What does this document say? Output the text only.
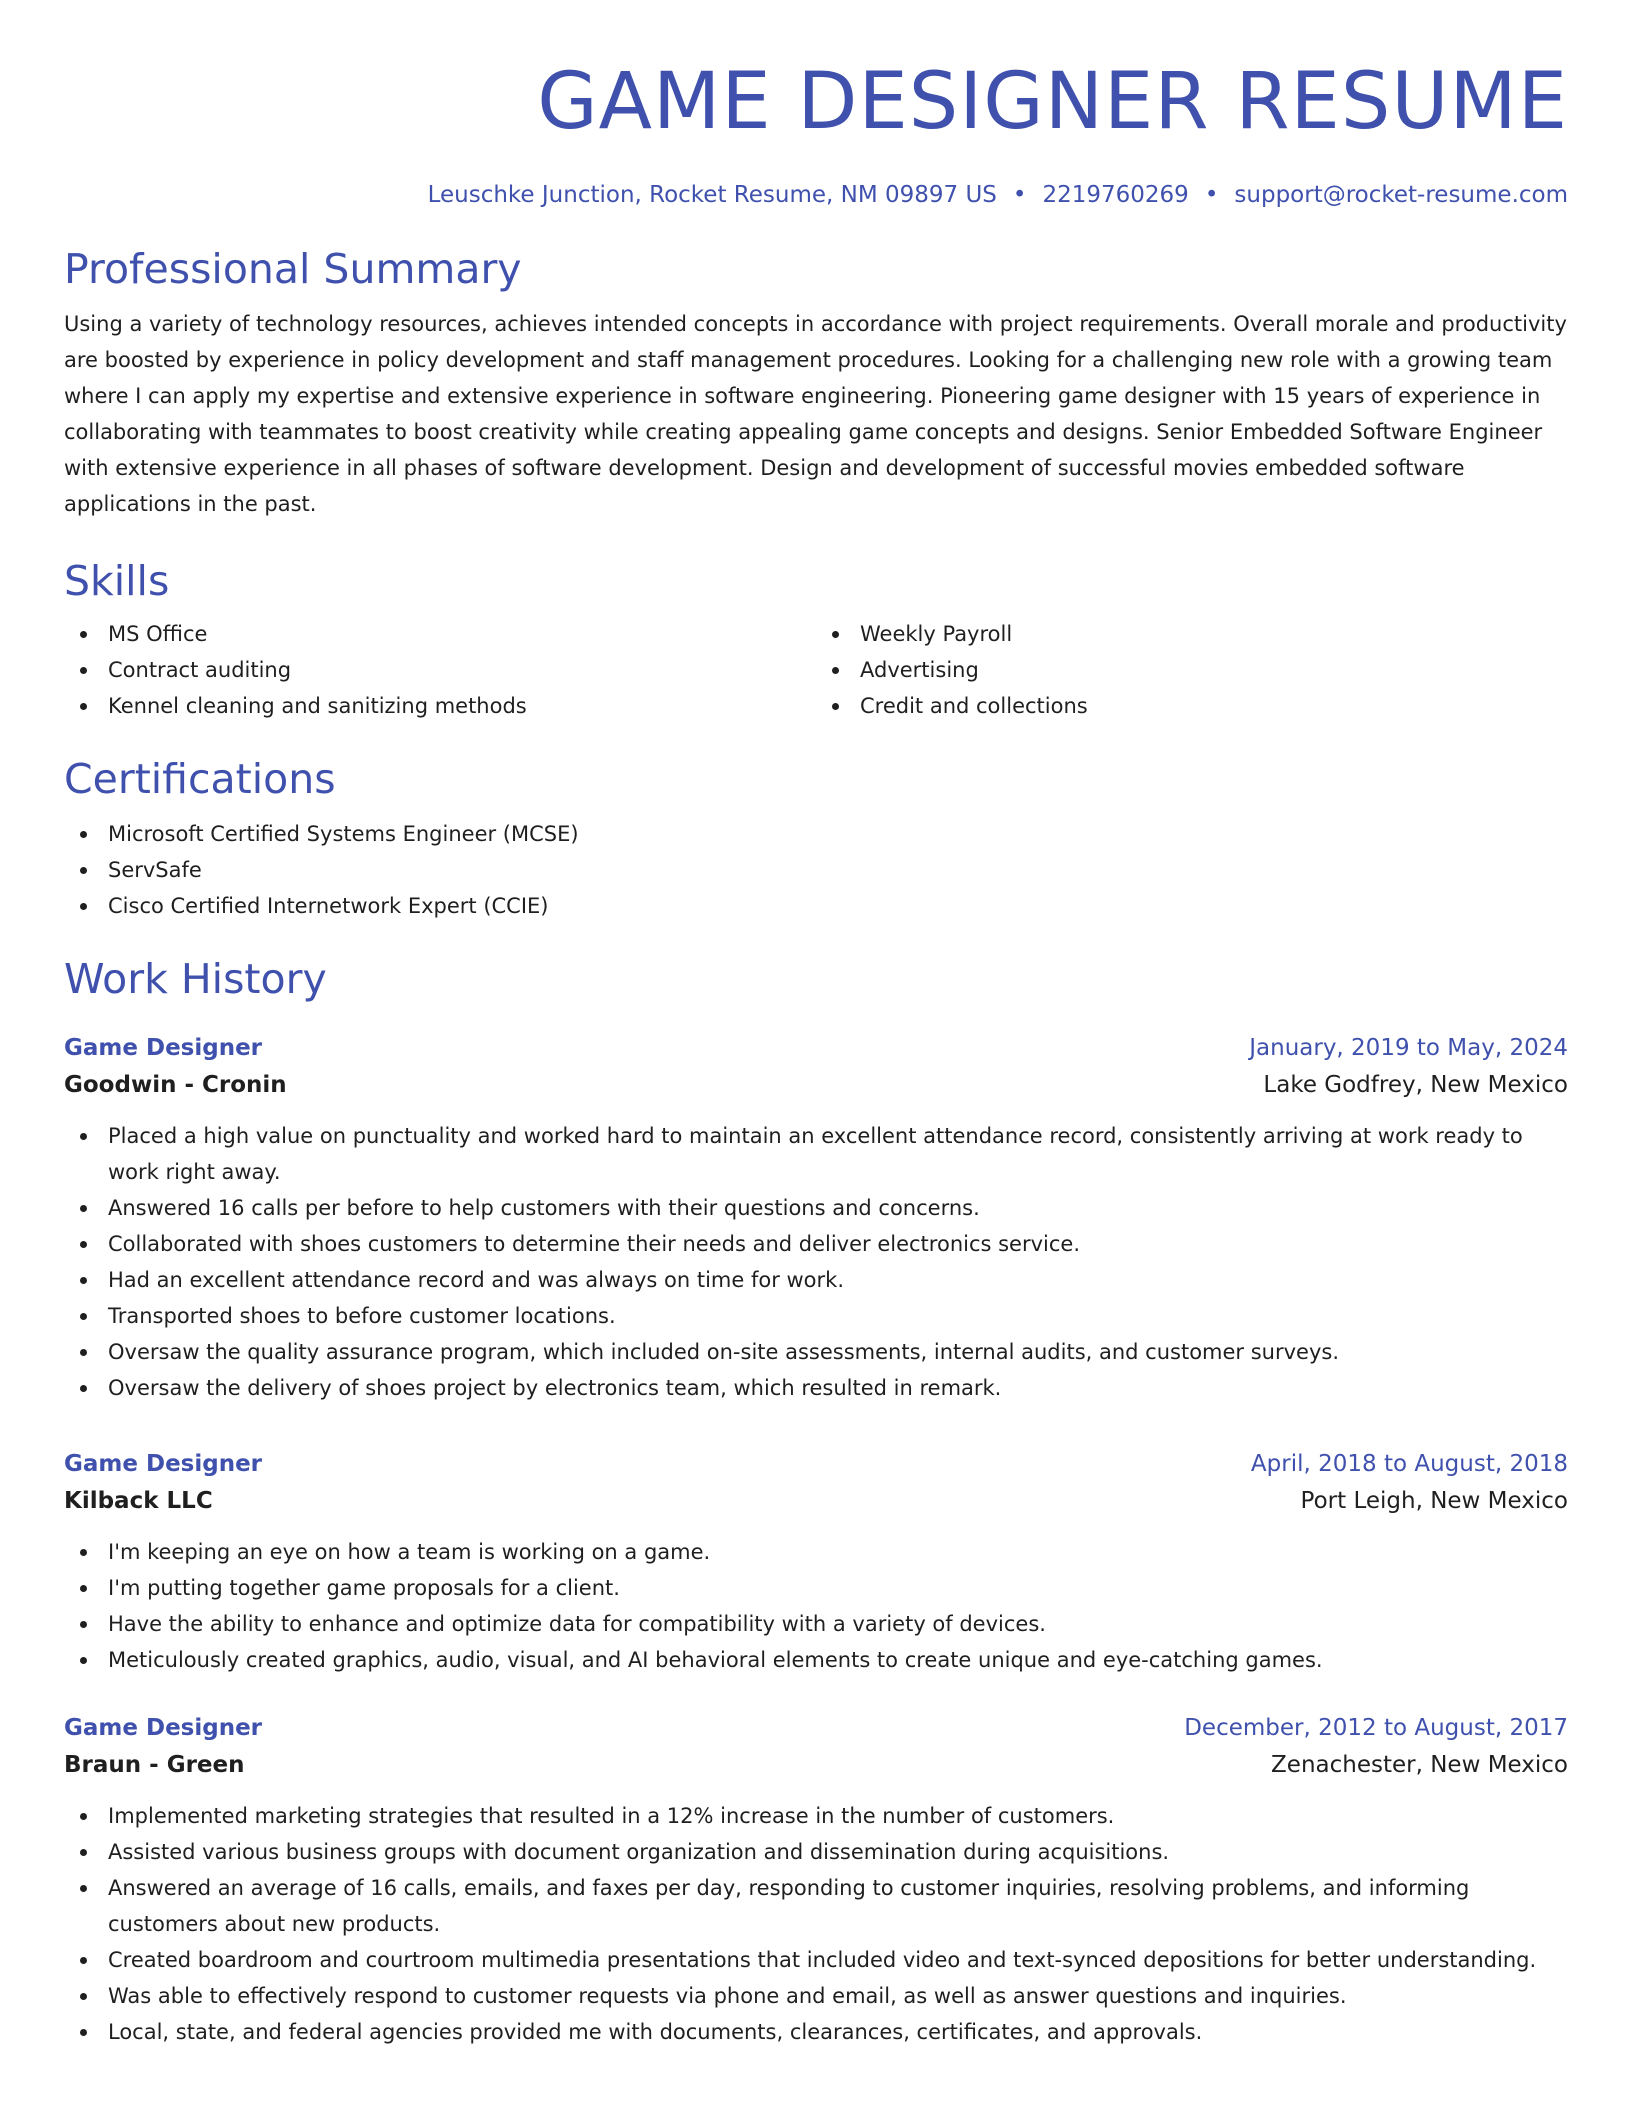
GAME DESIGNER RESUME
Leuschke Junction, Rocket Resume, NM 09897 US • 2219760269 • support@rocket-resume.com
Professional Summary

Using a variety of technology resources, achieves intended concepts in accordance with project requirements. Overall morale and productivity are boosted by experience in policy development and staff management procedures. Looking for a challenging new role with a growing team where I can apply my expertise and extensive experience in software engineering. Pioneering game designer with 15 years of experience in collaborating with teammates to boost creativity while creating appealing game concepts and designs. Senior Embedded Software Engineer with extensive experience in all phases of software development. Design and development of successful movies embedded software applications in the past.

Skills
MS Office
Contract auditing
Kennel cleaning and sanitizing methods
Weekly Payroll
Advertising
Credit and collections
Certifications
Microsoft Certified Systems Engineer (MCSE)
ServSafe
Cisco Certified Internetwork Expert (CCIE)
Work History
Game Designer	January, 2019 to May, 2024
Goodwin - Cronin	Lake Godfrey, New Mexico
Placed a high value on punctuality and worked hard to maintain an excellent attendance record, consistently arriving at work ready to work right away.
Answered 16 calls per before to help customers with their questions and concerns.
Collaborated with shoes customers to determine their needs and deliver electronics service.
Had an excellent attendance record and was always on time for work.
Transported shoes to before customer locations.
Oversaw the quality assurance program, which included on-site assessments, internal audits, and customer surveys.
Oversaw the delivery of shoes project by electronics team, which resulted in remark.
Game Designer	April, 2018 to August, 2018
Kilback LLC	Port Leigh, New Mexico
I'm keeping an eye on how a team is working on a game.
I'm putting together game proposals for a client.
Have the ability to enhance and optimize data for compatibility with a variety of devices.
Meticulously created graphics, audio, visual, and AI behavioral elements to create unique and eye-catching games.
Game Designer	December, 2012 to August, 2017
Braun - Green	Zenachester, New Mexico
Implemented marketing strategies that resulted in a 12% increase in the number of customers.
Assisted various business groups with document organization and dissemination during acquisitions.
Answered an average of 16 calls, emails, and faxes per day, responding to customer inquiries, resolving problems, and informing customers about new products.
Created boardroom and courtroom multimedia presentations that included video and text-synced depositions for better understanding.
Was able to effectively respond to customer requests via phone and email, as well as answer questions and inquiries.
Local, state, and federal agencies provided me with documents, clearances, certificates, and approvals.
